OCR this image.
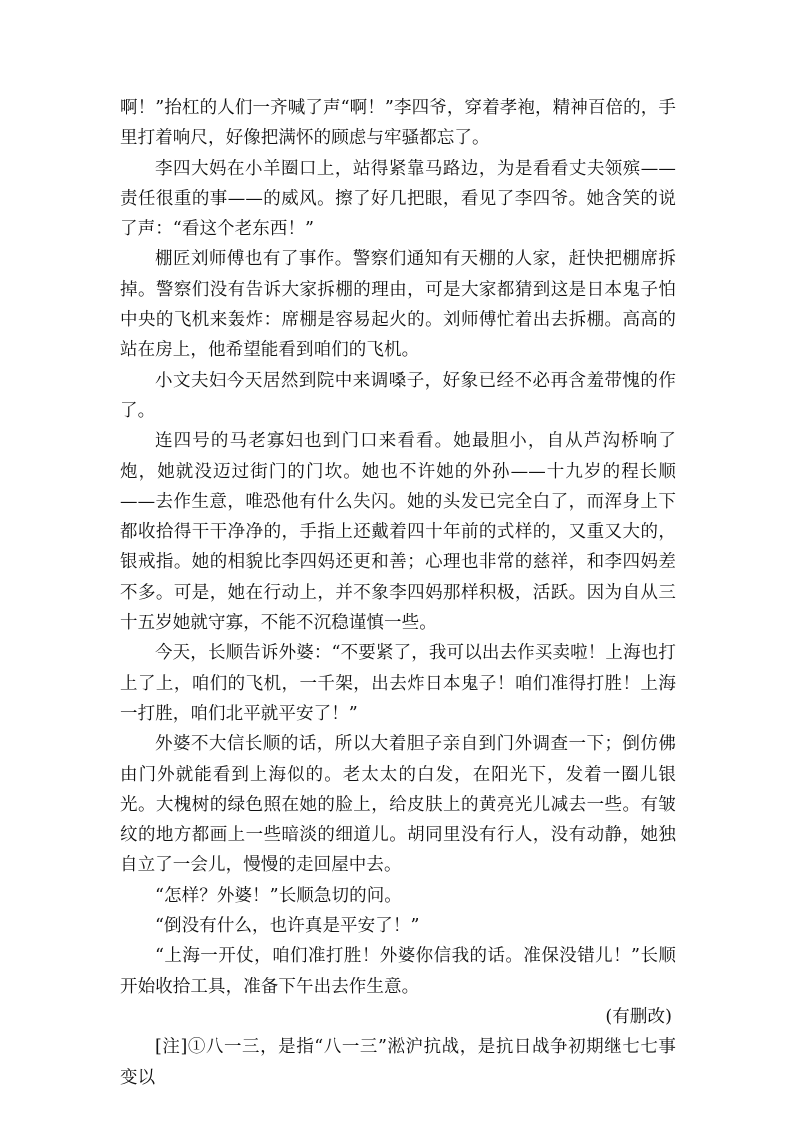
啊！”抬杠的人们一齐喊了声“啊！”李四爷，穿着孝袍，精神百倍的，手里打着响尺，好像把满怀的顾虑与牢骚都忘了。

李四大妈在小羊圈口上，站得紧靠马路边，为是看看丈夫领殡——责任很重的事——的威风。擦了好几把眼，看见了李四爷。她含笑的说了声：“看这个老东西！”

棚匠刘师傅也有了事作。警察们通知有天棚的人家，赶快把棚席拆掉。警察们没有告诉大家拆棚的理由，可是大家都猜到这是日本鬼子怕中央的飞机来轰炸：席棚是容易起火的。刘师傅忙着出去拆棚。高高的站在房上，他希望能看到咱们的飞机。

小文夫妇今天居然到院中来调嗓子，好象已经不必再含羞带愧的作了。

连四号的马老寡妇也到门口来看看。她最胆小，自从芦沟桥响了炮，她就没迈过街门的门坎。她也不许她的外孙——十九岁的程长顺——去作生意，唯恐他有什么失闪。她的头发已完全白了，而浑身上下都收拾得干干净净的，手指上还戴着四十年前的式样的，又重又大的，银戒指。她的相貌比李四妈还更和善；心理也非常的慈祥，和李四妈差不多。可是，她在行动上，并不象李四妈那样积极，活跃。因为自从三十五岁她就守寡，不能不沉稳谨慎一些。

今天，长顺告诉外婆：“不要紧了，我可以出去作买卖啦！上海也打上了上，咱们的飞机，一千架，出去炸日本鬼子！咱们准得打胜！上海一打胜，咱们北平就平安了！”

外婆不大信长顺的话，所以大着胆子亲自到门外调查一下；倒仿佛由门外就能看到上海似的。老太太的白发，在阳光下，发着一圈儿银光。大槐树的绿色照在她的脸上，给皮肤上的黄亮光儿减去一些。有皱纹的地方都画上一些暗淡的细道儿。胡同里没有行人，没有动静，她独自立了一会儿，慢慢的走回屋中去。

“怎样？外婆！”长顺急切的问。

“倒没有什么，也许真是平安了！”

“上海一开仗，咱们准打胜！外婆你信我的话。准保没错儿！”长顺开始收拾工具，准备下午出去作生意。

(有删改)

[注]①八一三，是指“八一三”淞沪抗战，是抗日战争初期继七七事变以
